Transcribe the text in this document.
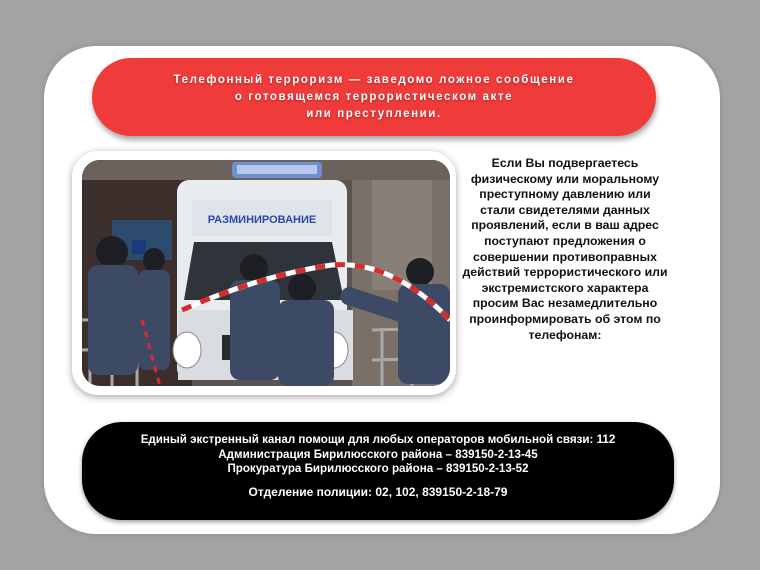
Телефонный терроризм — заведомо ложное сообщение
о готовящемся террористическом акте
или преступлении.
РАЗМИНИРОВАНИЕ
Если Вы подвергаетесь
физическому или моральному
преступному давлению или
стали свидетелями данных
проявлений, если в ваш адрес
поступают предложения о
совершении противоправных
действий террористического или
экстремистского характера
просим Вас незамедлительно
проинформировать об этом по
телефонам:
Единый экстренный канал помощи для любых операторов мобильной связи: 112
Администрация Бирилюсского района – 839150-2-13-45
Прокуратура Бирилюсского района – 839150-2-13-52
Отделение полиции: 02, 102, 839150-2-18-79
